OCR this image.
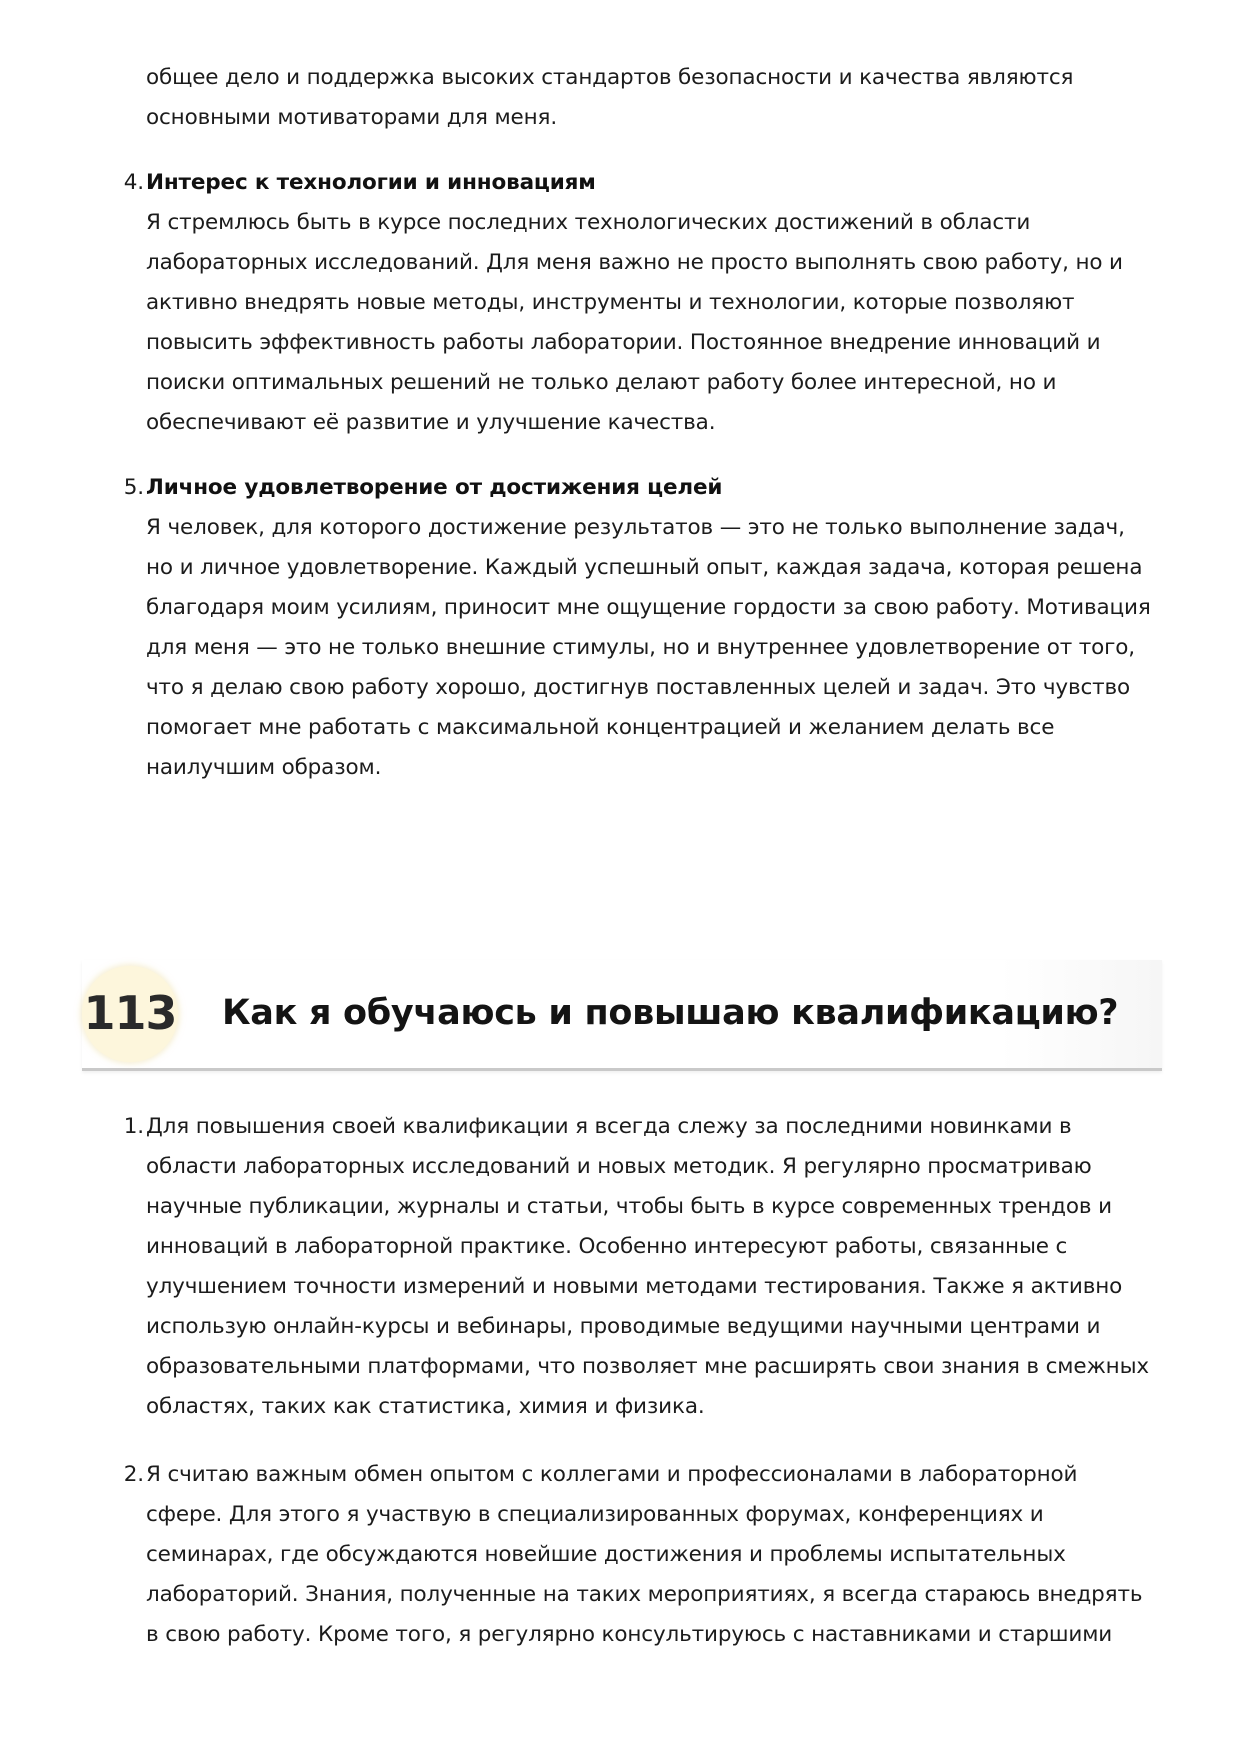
общее дело и поддержка высоких стандартов безопасности и качества являются основными мотиваторами для меня.
4. Интерес к технологии и инновациям
Я стремлюсь быть в курсе последних технологических достижений в области лабораторных исследований. Для меня важно не просто выполнять свою работу, но и активно внедрять новые методы, инструменты и технологии, которые позволяют повысить эффективность работы лаборатории. Постоянное внедрение инноваций и поиски оптимальных решений не только делают работу более интересной, но и обеспечивают её развитие и улучшение качества.
5. Личное удовлетворение от достижения целей
Я человек, для которого достижение результатов — это не только выполнение задач, но и личное удовлетворение. Каждый успешный опыт, каждая задача, которая решена благодаря моим усилиям, приносит мне ощущение гордости за свою работу. Мотивация для меня — это не только внешние стимулы, но и внутреннее удовлетворение от того, что я делаю свою работу хорошо, достигнув поставленных целей и задач. Это чувство помогает мне работать с максимальной концентрацией и желанием делать все наилучшим образом.
113 Как я обучаюсь и повышаю квалификацию?
1. Для повышения своей квалификации я всегда слежу за последними новинками в области лабораторных исследований и новых методик. Я регулярно просматриваю научные публикации, журналы и статьи, чтобы быть в курсе современных трендов и инноваций в лабораторной практике. Особенно интересуют работы, связанные с улучшением точности измерений и новыми методами тестирования. Также я активно использую онлайн-курсы и вебинары, проводимые ведущими научными центрами и образовательными платформами, что позволяет мне расширять свои знания в смежных областях, таких как статистика, химия и физика.
2. Я считаю важным обмен опытом с коллегами и профессионалами в лабораторной сфере. Для этого я участвую в специализированных форумах, конференциях и семинарах, где обсуждаются новейшие достижения и проблемы испытательных лабораторий. Знания, полученные на таких мероприятиях, я всегда стараюсь внедрять в свою работу. Кроме того, я регулярно консультируюсь с наставниками и старшими
